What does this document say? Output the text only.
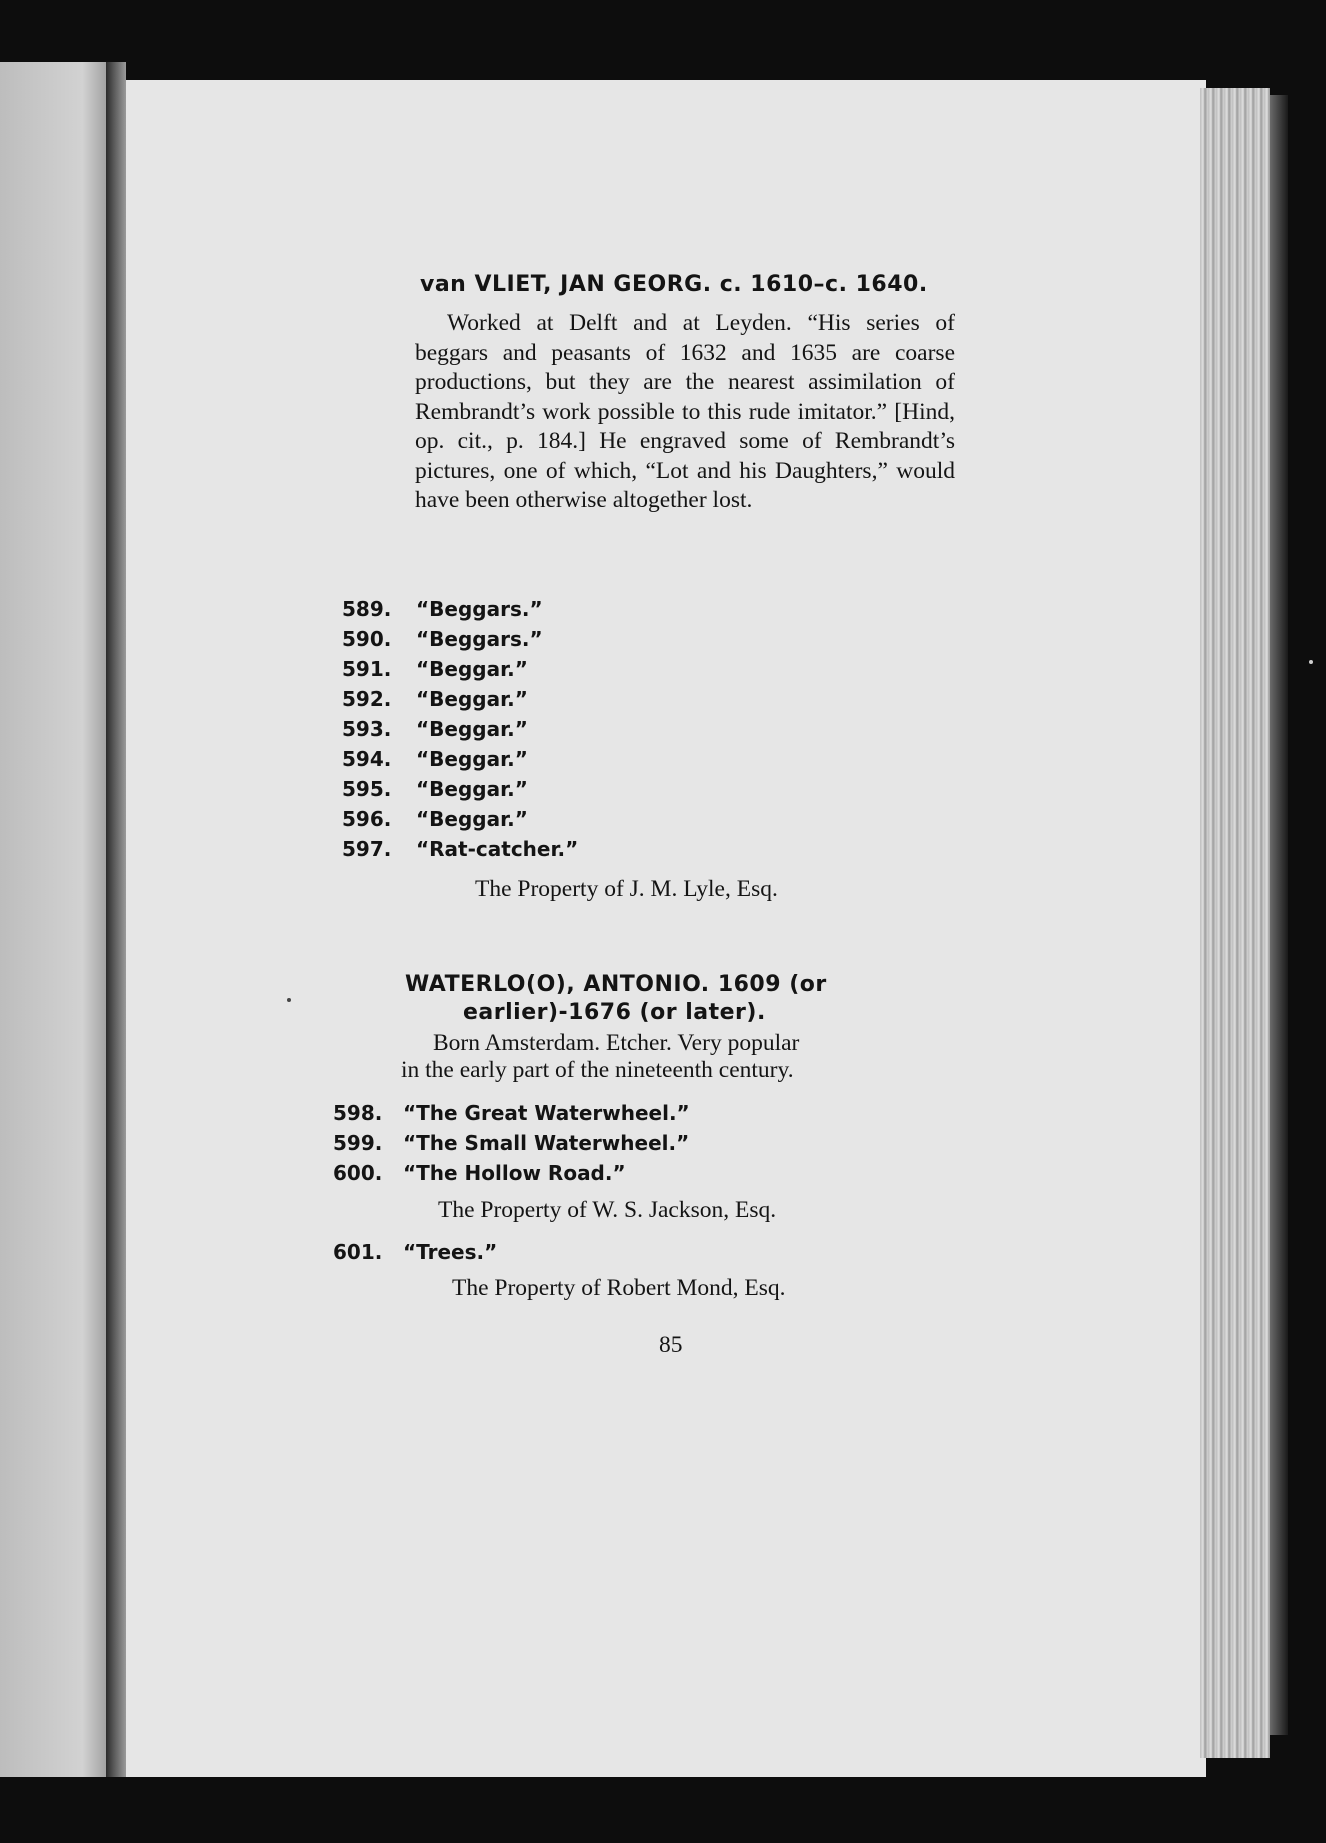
van VLIET, JAN GEORG. c. 1610–c. 1640.
Worked at Delft and at Leyden. “His series of beggars and peasants of 1632 and 1635 are coarse productions, but they are the nearest assimilation of Rembrandt’s work possible to this rude imitator.” [Hind, op. cit., p. 184.] He engraved some of Rembrandt’s pictures, one of which, “Lot and his Daughters,” would have been otherwise altogether lost.
589. “Beggars.”
590. “Beggars.”
591. “Beggar.”
592. “Beggar.”
593. “Beggar.”
594. “Beggar.”
595. “Beggar.”
596. “Beggar.”
597. “Rat-catcher.”
The Property of J. M. Lyle, Esq.
WATERLO(O), ANTONIO. 1609 (or
earlier)-1676 (or later).
Born Amsterdam. Etcher. Very popular
in the early part of the nineteenth century.
598. “The Great Waterwheel.”
599. “The Small Waterwheel.”
600. “The Hollow Road.”
The Property of W. S. Jackson, Esq.
601. “Trees.”
The Property of Robert Mond, Esq.
85
